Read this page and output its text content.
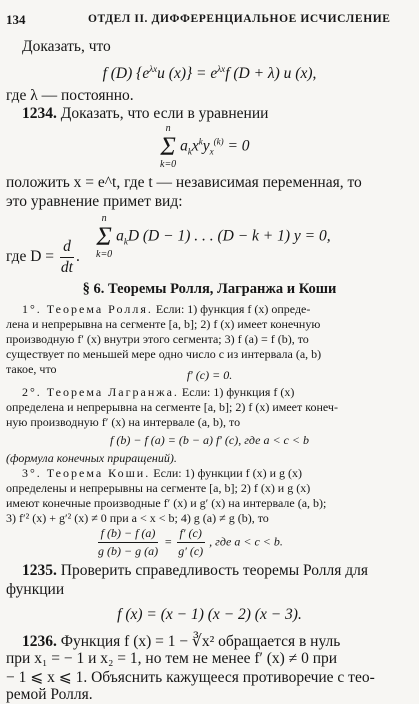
134	ОТДЕЛ II. ДИФФЕРЕНЦИАЛЬНОЕ ИСЧИСЛЕНИЕ
Доказать, что
f (D) {$e^{\lambda x}u$ $(x)\} = e^{\lambda x}f$ (D + λ) u (x),
где λ — постоянно.
1234. Доказать, что если в уравнении
n
Σ
k=0
$a_kx^ky_x^{(k)} = 0$
положить x = e^t, где t — независимая переменная, то
это уравнение примет вид:
n
Σ
k=0
$a_kD$ (D − 1) . . . (D − k + 1) y = 0,
где $D = \frac{d}{dt}$ .
§ 6. Теоремы Ролля, Лагранжа и Коши
1°. Теорема Ролля. Если: 1) функция f (x) опреде-
лена и непрерывна на сегменте [a, b]; 2) f (x) имеет конечную
производную f′ (x) внутри этого сегмента; 3) f (a) = f (b), то
существует по меньшей мере одно число c из интервала (a, b)
такое, что	f′ (c) = 0.
2°. Теорема Лагранжа. Если: 1) функция f (x)
определена и непрерывна на сегменте [a, b]; 2) f (x) имеет конеч-
ную производную f′ (x) на интервале (a, b), то
f (b) − f (a) = (b − a) f′ (c), где a < c < b
(формула конечных приращений).
3°. Теорема Коши. Если: 1) функции f (x) и g (x)
определены и непрерывны на сегменте [a, b]; 2) f (x) и g (x)
имеют конечные производные f′ (x) и g′ (x) на интервале (a, b);
3) f′² (x) + g′² (x) ≠ 0 при a < x < b; 4) g (a) ≠ g (b), то
$\frac{f (b) - f (a)}{g (b) - g (a)} = \frac{f' (c)}{g' (c)}$ , где a < c < b.
1235. Проверить справедливость теоремы Ролля для
функции
f (x) = (x − 1) (x − 2) (x − 3).
1236. Функция f (x) = 1 − ∛x² обращается в нуль
при x₁ = − 1 и x₂ = 1, но тем не менее f′ (x) ≠ 0 при
− 1 ⩽ x ⩽ 1. Объяснить кажущееся противоречие с тео-
ремой Ролля.
